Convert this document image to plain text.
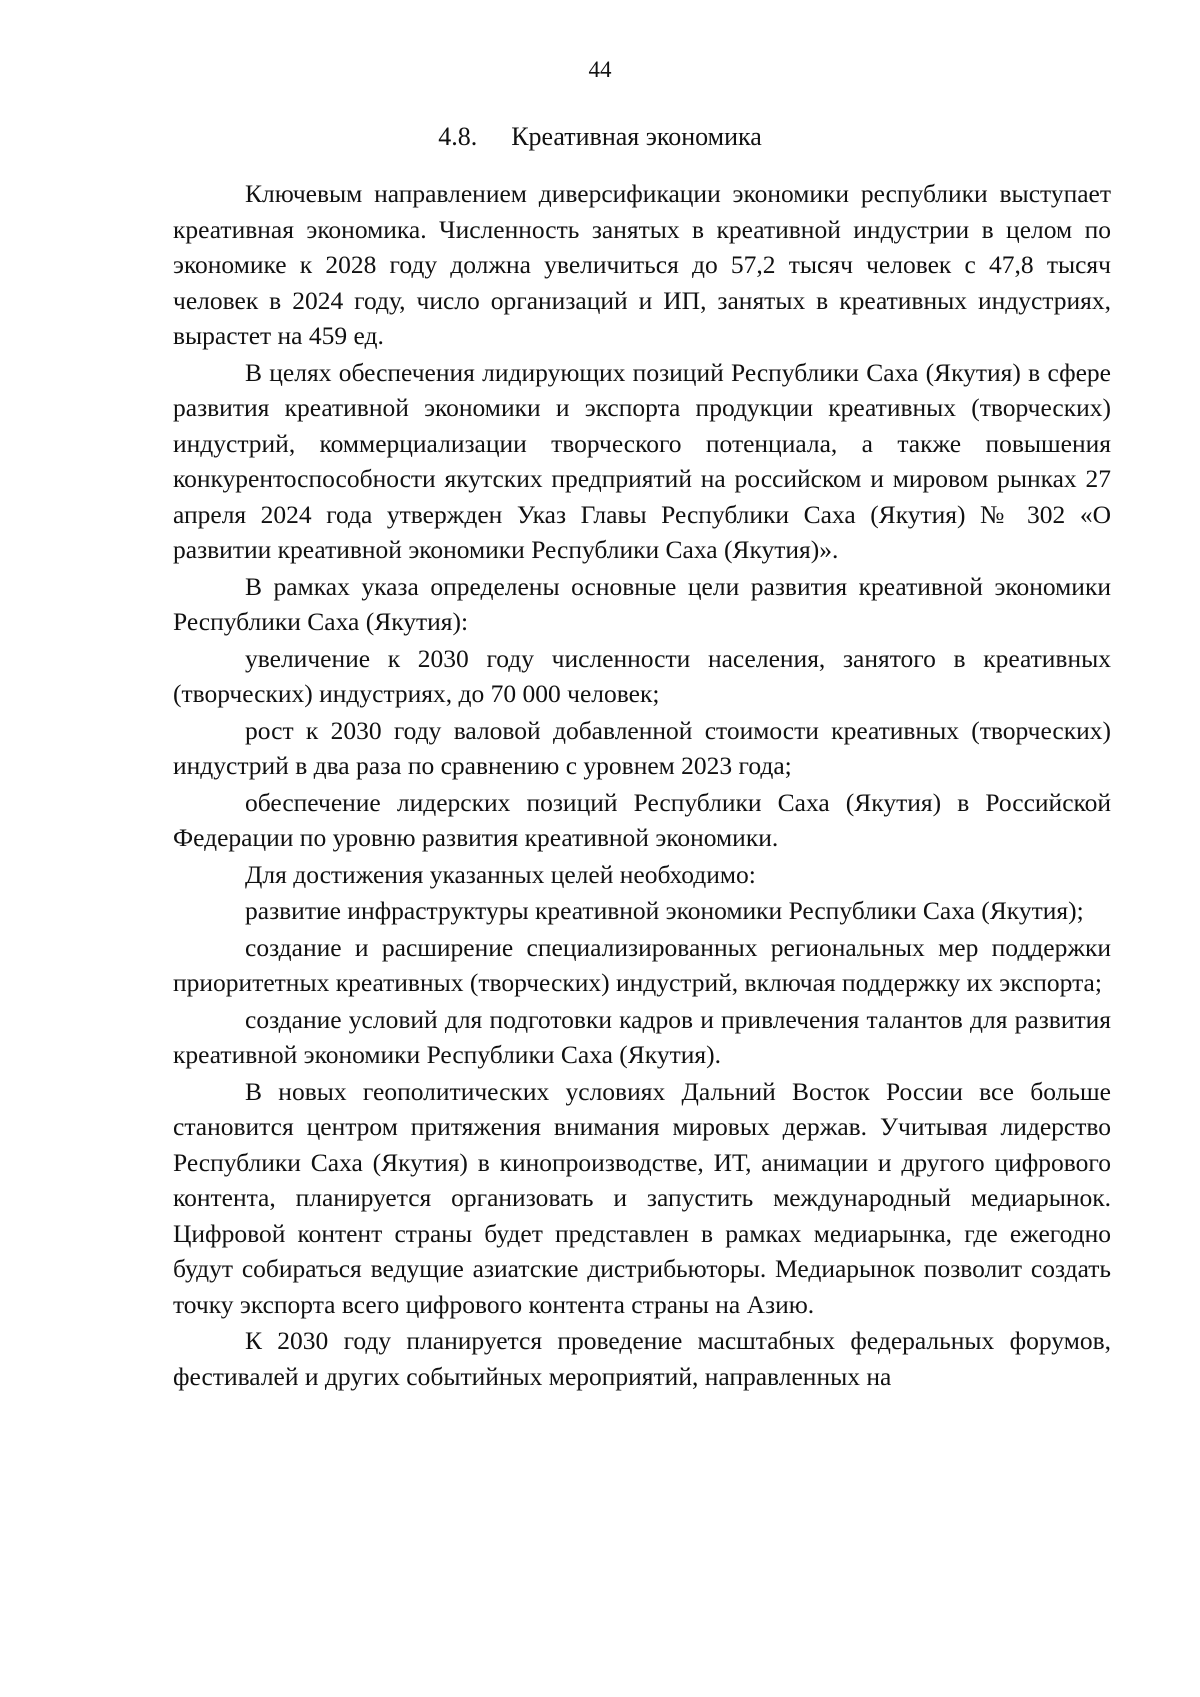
44
4.8. Креативная экономика

Ключевым направлением диверсификации экономики республики выступает креативная экономика. Численность занятых в креативной индустрии в целом по экономике к 2028 году должна увеличиться до 57,2 тысяч человек с 47,8 тысяч человек в 2024 году, число организаций и ИП, занятых в креативных индустриях, вырастет на 459 ед.

В целях обеспечения лидирующих позиций Республики Саха (Якутия) в сфере развития креативной экономики и экспорта продукции креативных (творческих) индустрий, коммерциализации творческого потенциала, а также повышения конкурентоспособности якутских предприятий на российском и мировом рынках 27 апреля 2024 года утвержден Указ Главы Республики Саха (Якутия) № 302 «О развитии креативной экономики Республики Саха (Якутия)».

В рамках указа определены основные цели развития креативной экономики Республики Саха (Якутия):

увеличение к 2030 году численности населения, занятого в креативных (творческих) индустриях, до 70 000 человек;

рост к 2030 году валовой добавленной стоимости креативных (творческих) индустрий в два раза по сравнению с уровнем 2023 года;

обеспечение лидерских позиций Республики Саха (Якутия) в Российской Федерации по уровню развития креативной экономики.

Для достижения указанных целей необходимо:

развитие инфраструктуры креативной экономики Республики Саха (Якутия);

создание и расширение специализированных региональных мер поддержки приоритетных креативных (творческих) индустрий, включая поддержку их экспорта;

создание условий для подготовки кадров и привлечения талантов для развития креативной экономики Республики Саха (Якутия).

В новых геополитических условиях Дальний Восток России все больше становится центром притяжения внимания мировых держав. Учитывая лидерство Республики Саха (Якутия) в кинопроизводстве, ИТ, анимации и другого цифрового контента, планируется организовать и запустить международный медиарынок. Цифровой контент страны будет представлен в рамках медиарынка, где ежегодно будут собираться ведущие азиатские дистрибьюторы. Медиарынок позволит создать точку экспорта всего цифрового контента страны на Азию.

К 2030 году планируется проведение масштабных федеральных форумов, фестивалей и других событийных мероприятий, направленных на
